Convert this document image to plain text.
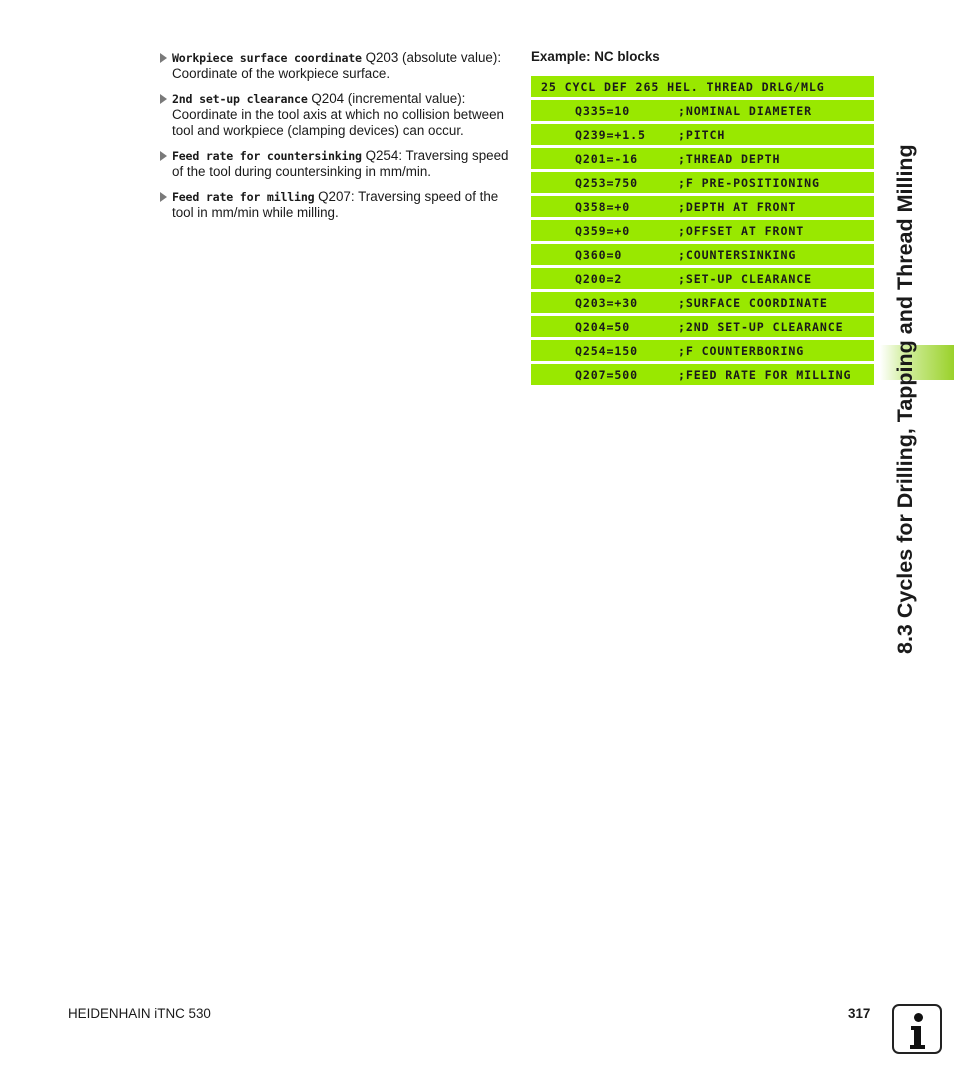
Workpiece surface coordinate Q203 (absolute value): Coordinate of the workpiece surface.
2nd set-up clearance Q204 (incremental value): Coordinate in the tool axis at which no collision between tool and workpiece (clamping devices) can occur.
Feed rate for countersinking Q254: Traversing speed of the tool during countersinking in mm/min.
Feed rate for milling Q207: Traversing speed of the tool in mm/min while milling.
Example: NC blocks
25 CYCL DEF 265 HEL. THREAD DRLG/MLG
Q335=10	;NOMINAL DIAMETER
Q239=+1.5	;PITCH
Q201=-16	;THREAD DEPTH
Q253=750	;F PRE-POSITIONING
Q358=+0	;DEPTH AT FRONT
Q359=+0	;OFFSET AT FRONT
Q360=0	;COUNTERSINKING
Q200=2	;SET-UP CLEARANCE
Q203=+30	;SURFACE COORDINATE
Q204=50	;2ND SET-UP CLEARANCE
Q254=150	;F COUNTERBORING
Q207=500	;FEED RATE FOR MILLING 8.3 Cycles for Drilling, Tapping and Thread Milling
HEIDENHAIN iTNC 530	317
